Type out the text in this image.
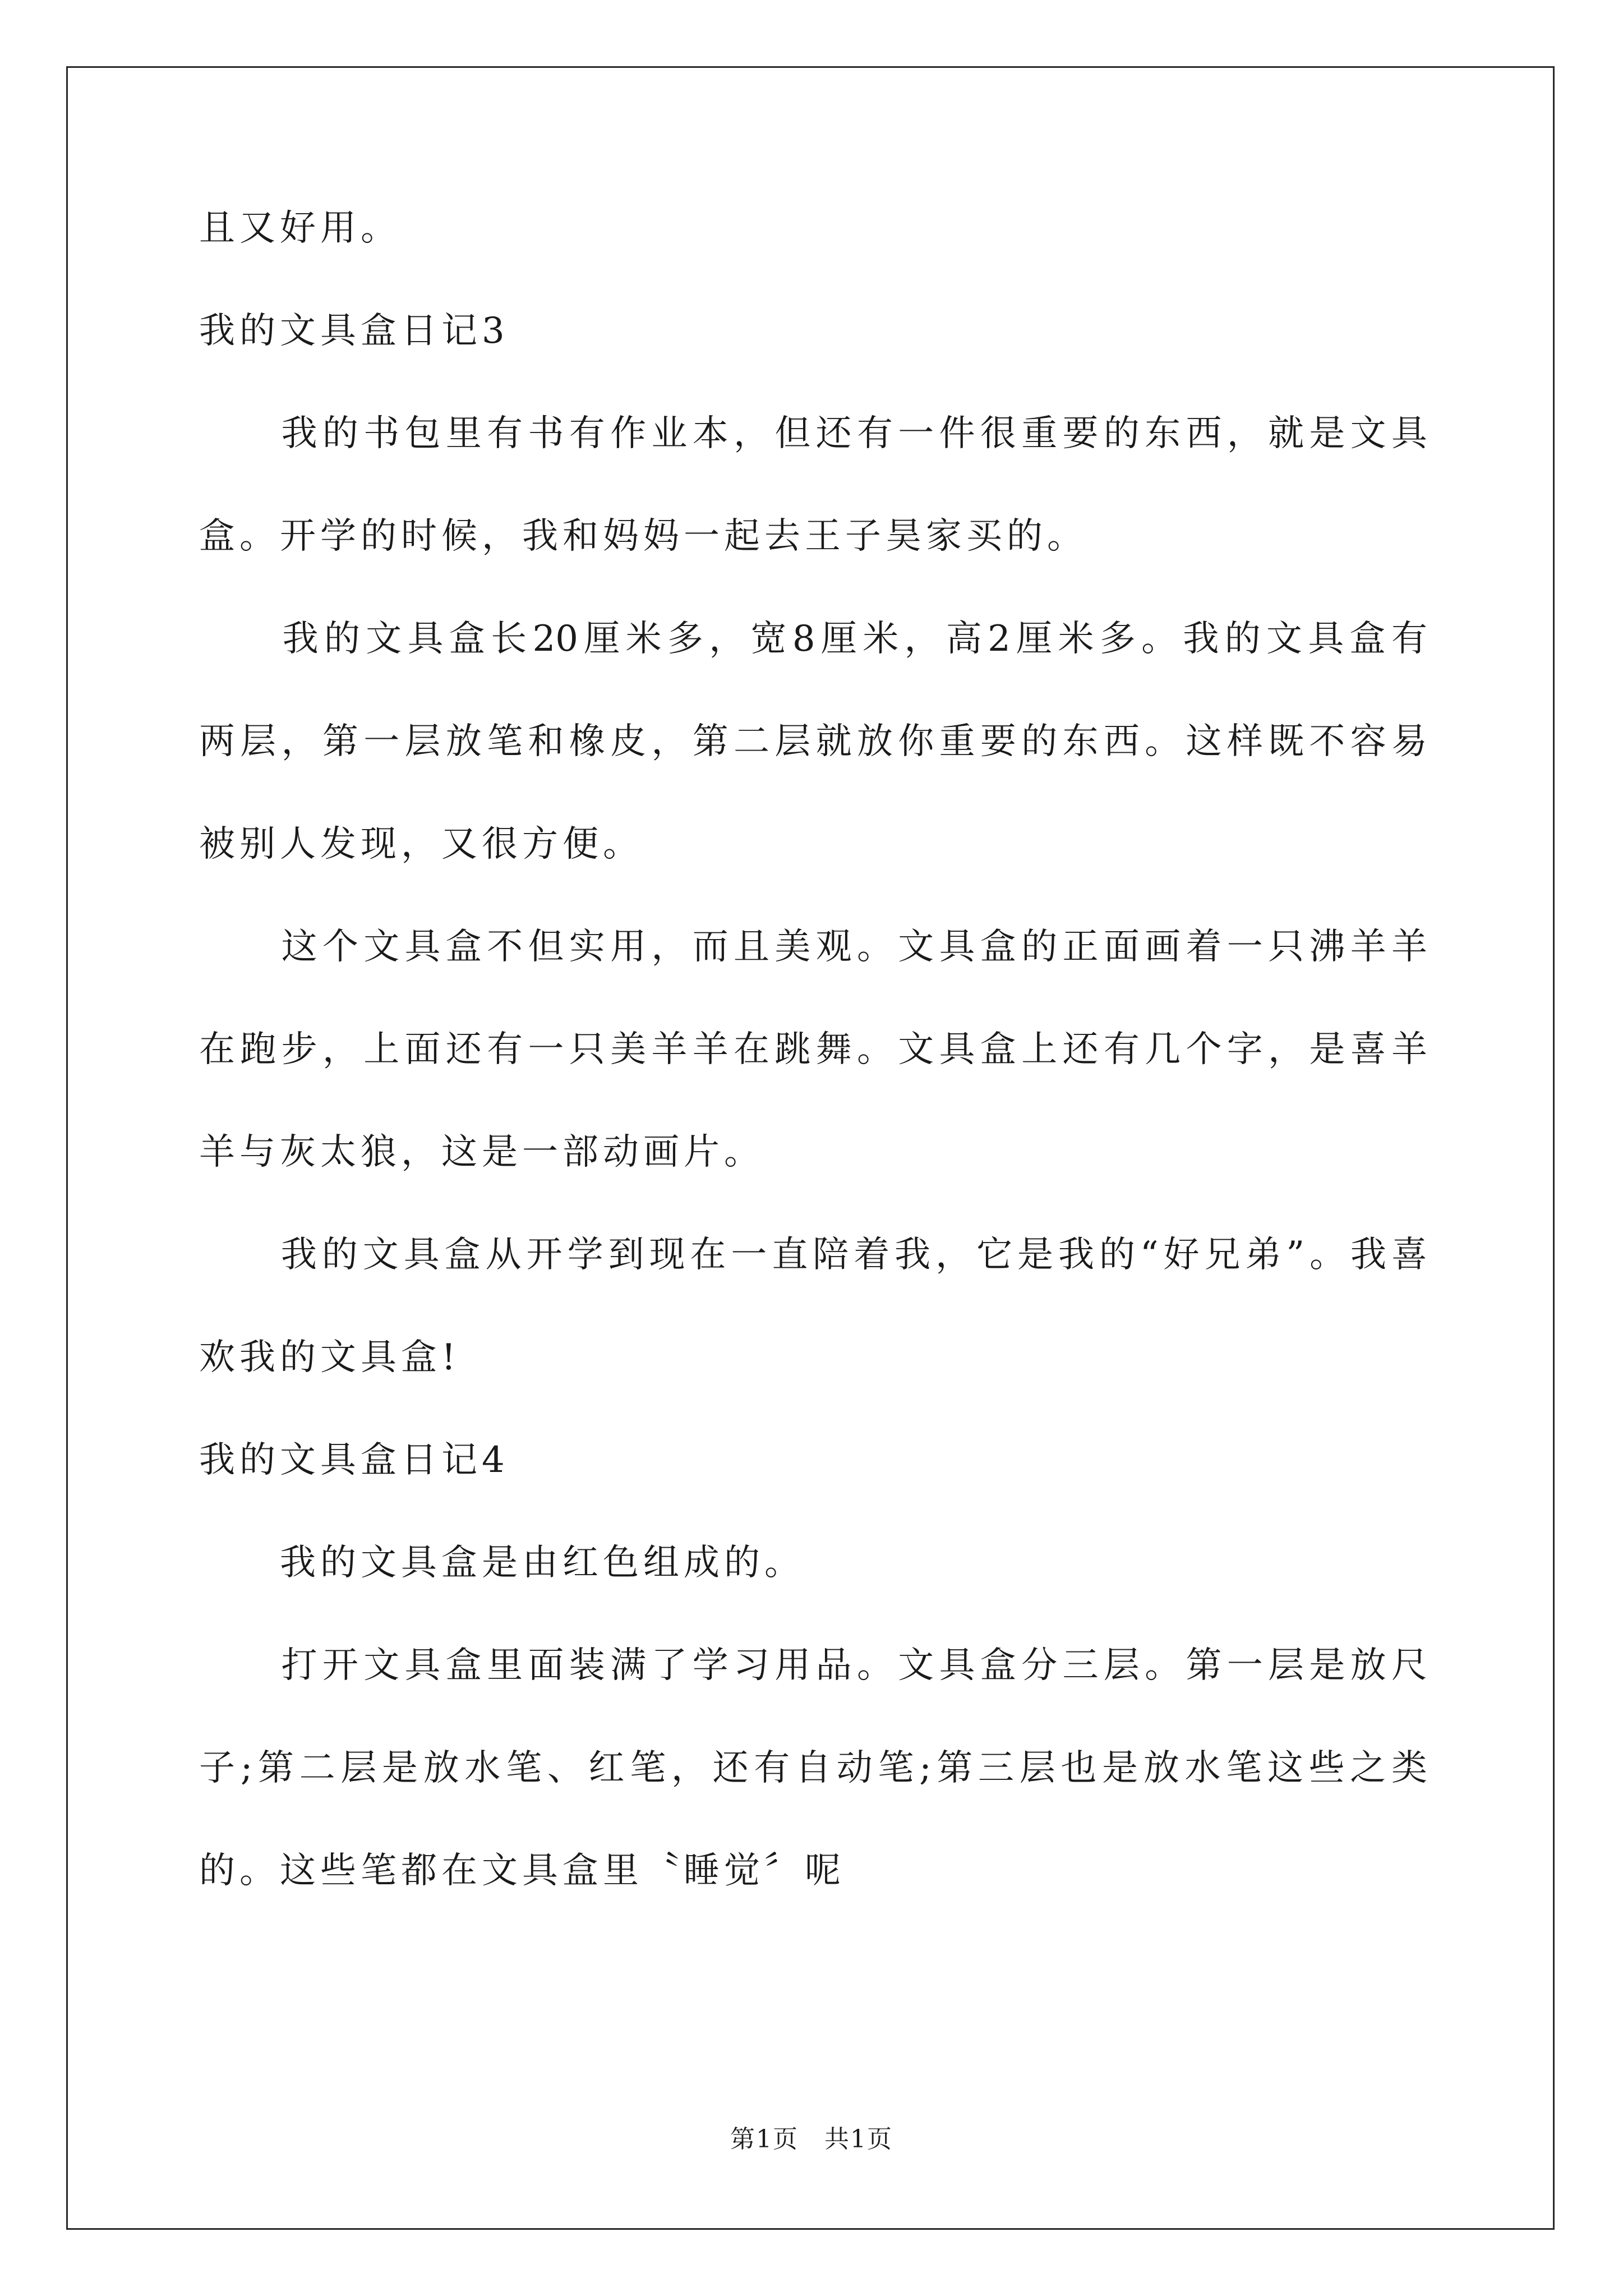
且又好用。
我的文具盒日记3
　　我的书包里有书有作业本，但还有一件很重要的东西，就是文具
盒。开学的时候，我和妈妈一起去王子昊家买的。
　　我的文具盒长20厘米多，宽8厘米，高2厘米多。我的文具盒有
两层，第一层放笔和橡皮，第二层就放你重要的东西。这样既不容易
被别人发现，又很方便。
　　这个文具盒不但实用，而且美观。文具盒的正面画着一只沸羊羊
在跑步，上面还有一只美羊羊在跳舞。文具盒上还有几个字，是喜羊
羊与灰太狼，这是一部动画片。
　　我的文具盒从开学到现在一直陪着我，它是我的“好兄弟”。我喜
欢我的文具盒!
我的文具盒日记4
　　我的文具盒是由红色组成的。
　　打开文具盒里面装满了学习用品。文具盒分三层。第一层是放尺
子;第二层是放水笔、红笔，还有自动笔;第三层也是放水笔这些之类
的。这些笔都在文具盒里〝睡觉〞呢
第1页　共1页
